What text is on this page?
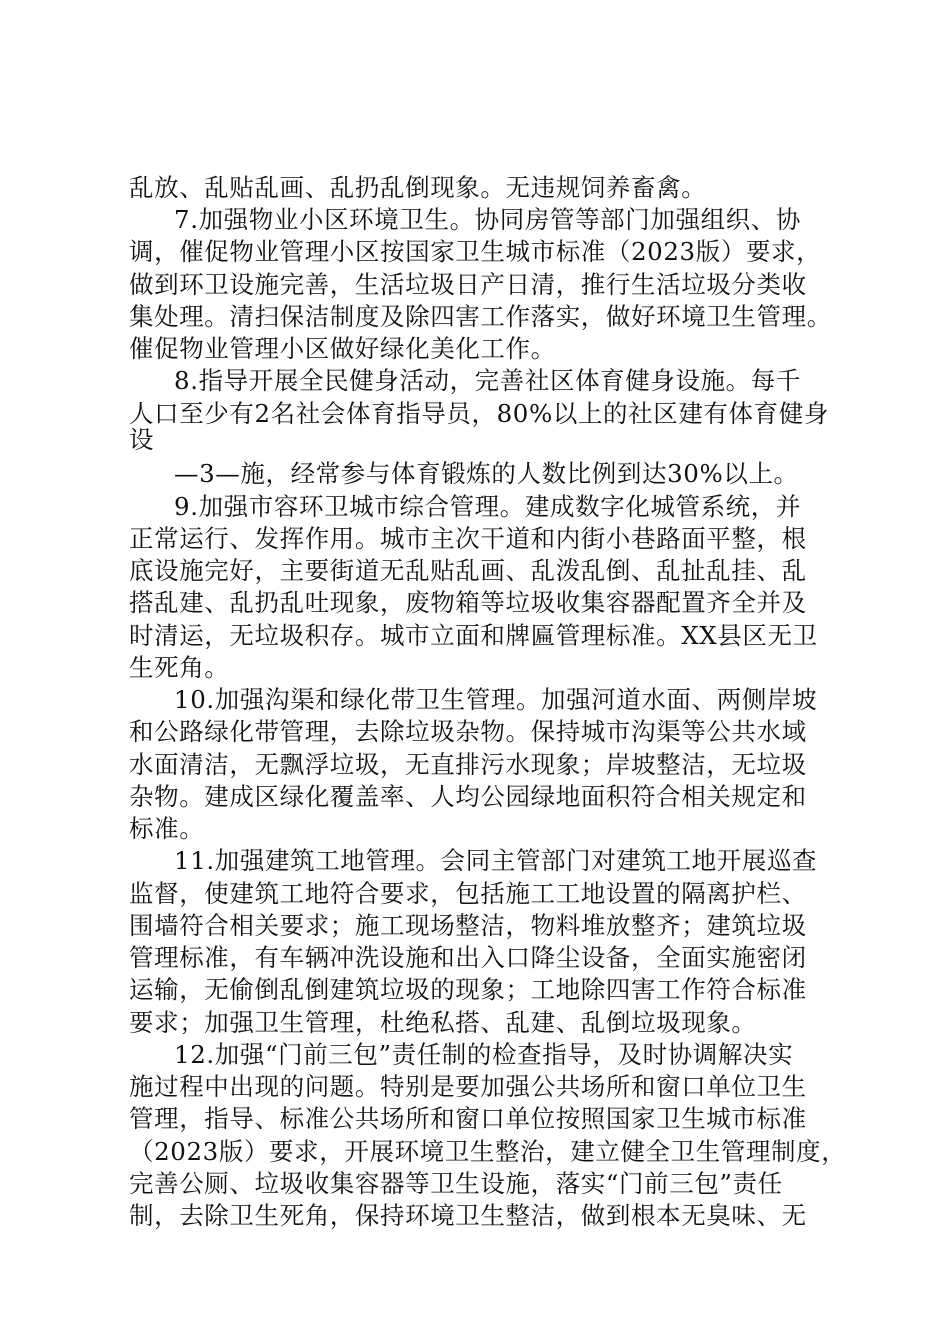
乱放、乱贴乱画、乱扔乱倒现象。无违规饲养畜禽。
7.加强物业小区环境卫生。协同房管等部门加强组织、协
调，催促物业管理小区按国家卫生城市标准（2023版）要求，
做到环卫设施完善，生活垃圾日产日清，推行生活垃圾分类收
集处理。清扫保洁制度及除四害工作落实，做好环境卫生管理。
催促物业管理小区做好绿化美化工作。
8.指导开展全民健身活动，完善社区体育健身设施。每千
人口至少有2名社会体育指导员，80%以上的社区建有体育健身
设
—3—施，经常参与体育锻炼的人数比例到达30%以上。
9.加强市容环卫城市综合管理。建成数字化城管系统，并
正常运行、发挥作用。城市主次干道和内街小巷路面平整，根
底设施完好，主要街道无乱贴乱画、乱泼乱倒、乱扯乱挂、乱
搭乱建、乱扔乱吐现象，废物箱等垃圾收集容器配置齐全并及
时清运，无垃圾积存。城市立面和牌匾管理标准。XX县区无卫
生死角。
10.加强沟渠和绿化带卫生管理。加强河道水面、两侧岸坡
和公路绿化带管理，去除垃圾杂物。保持城市沟渠等公共水域
水面清洁，无飘浮垃圾，无直排污水现象；岸坡整洁，无垃圾
杂物。建成区绿化覆盖率、人均公园绿地面积符合相关规定和
标准。
11.加强建筑工地管理。会同主管部门对建筑工地开展巡查
监督，使建筑工地符合要求，包括施工工地设置的隔离护栏、
围墙符合相关要求；施工现场整洁，物料堆放整齐；建筑垃圾
管理标准，有车辆冲洗设施和出入口降尘设备，全面实施密闭
运输，无偷倒乱倒建筑垃圾的现象；工地除四害工作符合标准
要求；加强卫生管理，杜绝私搭、乱建、乱倒垃圾现象。
12.加强“门前三包”责任制的检查指导，及时协调解决实
施过程中出现的问题。特别是要加强公共场所和窗口单位卫生
管理，指导、标准公共场所和窗口单位按照国家卫生城市标准
（2023版）要求，开展环境卫生整治，建立健全卫生管理制度，
完善公厕、垃圾收集容器等卫生设施，落实“门前三包”责任
制，去除卫生死角，保持环境卫生整洁，做到根本无臭味、无
